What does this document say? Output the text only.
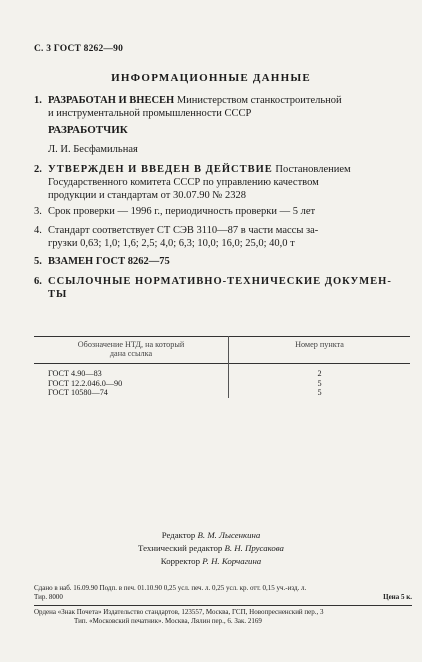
С. 3 ГОСТ 8262—90
ИНФОРМАЦИОННЫЕ ДАННЫЕ
1. РАЗРАБОТАН И ВНЕСЕН Министерством станкостроительной
и инструментальной промышленности СССР
РАЗРАБОТЧИК
Л. И. Бесфамильная
2. УТВЕРЖДЕН И ВВЕДЕН В ДЕЙСТВИЕ Постановлением
Государственного комитета СССР по управлению качеством
продукции и стандартам от 30.07.90 № 2328
3. Срок проверки — 1996 г., периодичность проверки — 5 лет
4. Стандарт соответствует СТ СЭВ 3110—87 в части массы за-
грузки 0,63; 1,0; 1,6; 2,5; 4,0; 6,3; 10,0; 16,0; 25,0; 40,0 т
5. ВЗАМЕН ГОСТ 8262—75
6. ССЫЛОЧНЫЕ НОРМАТИВНО-ТЕХНИЧЕСКИЕ ДОКУМЕН-
ТЫ
Обозначение НТД, на который
дана ссылка	Номер пункта
ГОСТ 4.90—83	2
ГОСТ 12.2.046.0—90	5
ГОСТ 10580—74	5
Редактор В. М. Лысенкина
Технический редактор В. Н. Прусакова
Корректор Р. Н. Корчагина
Сдано в наб. 16.09.90 Подп. в печ. 01.10.90 0,25 усл. печ. л. 0,25 усл. кр. отт. 0,15 уч.-изд. л.
Тир. 8000	Цена 5 к.
Ордена «Знак Почета» Издательство стандартов, 123557, Москва, ГСП, Новопресненский пер., 3
Тип. «Московский печатник». Москва, Лялин пер., 6. Зак. 2169
